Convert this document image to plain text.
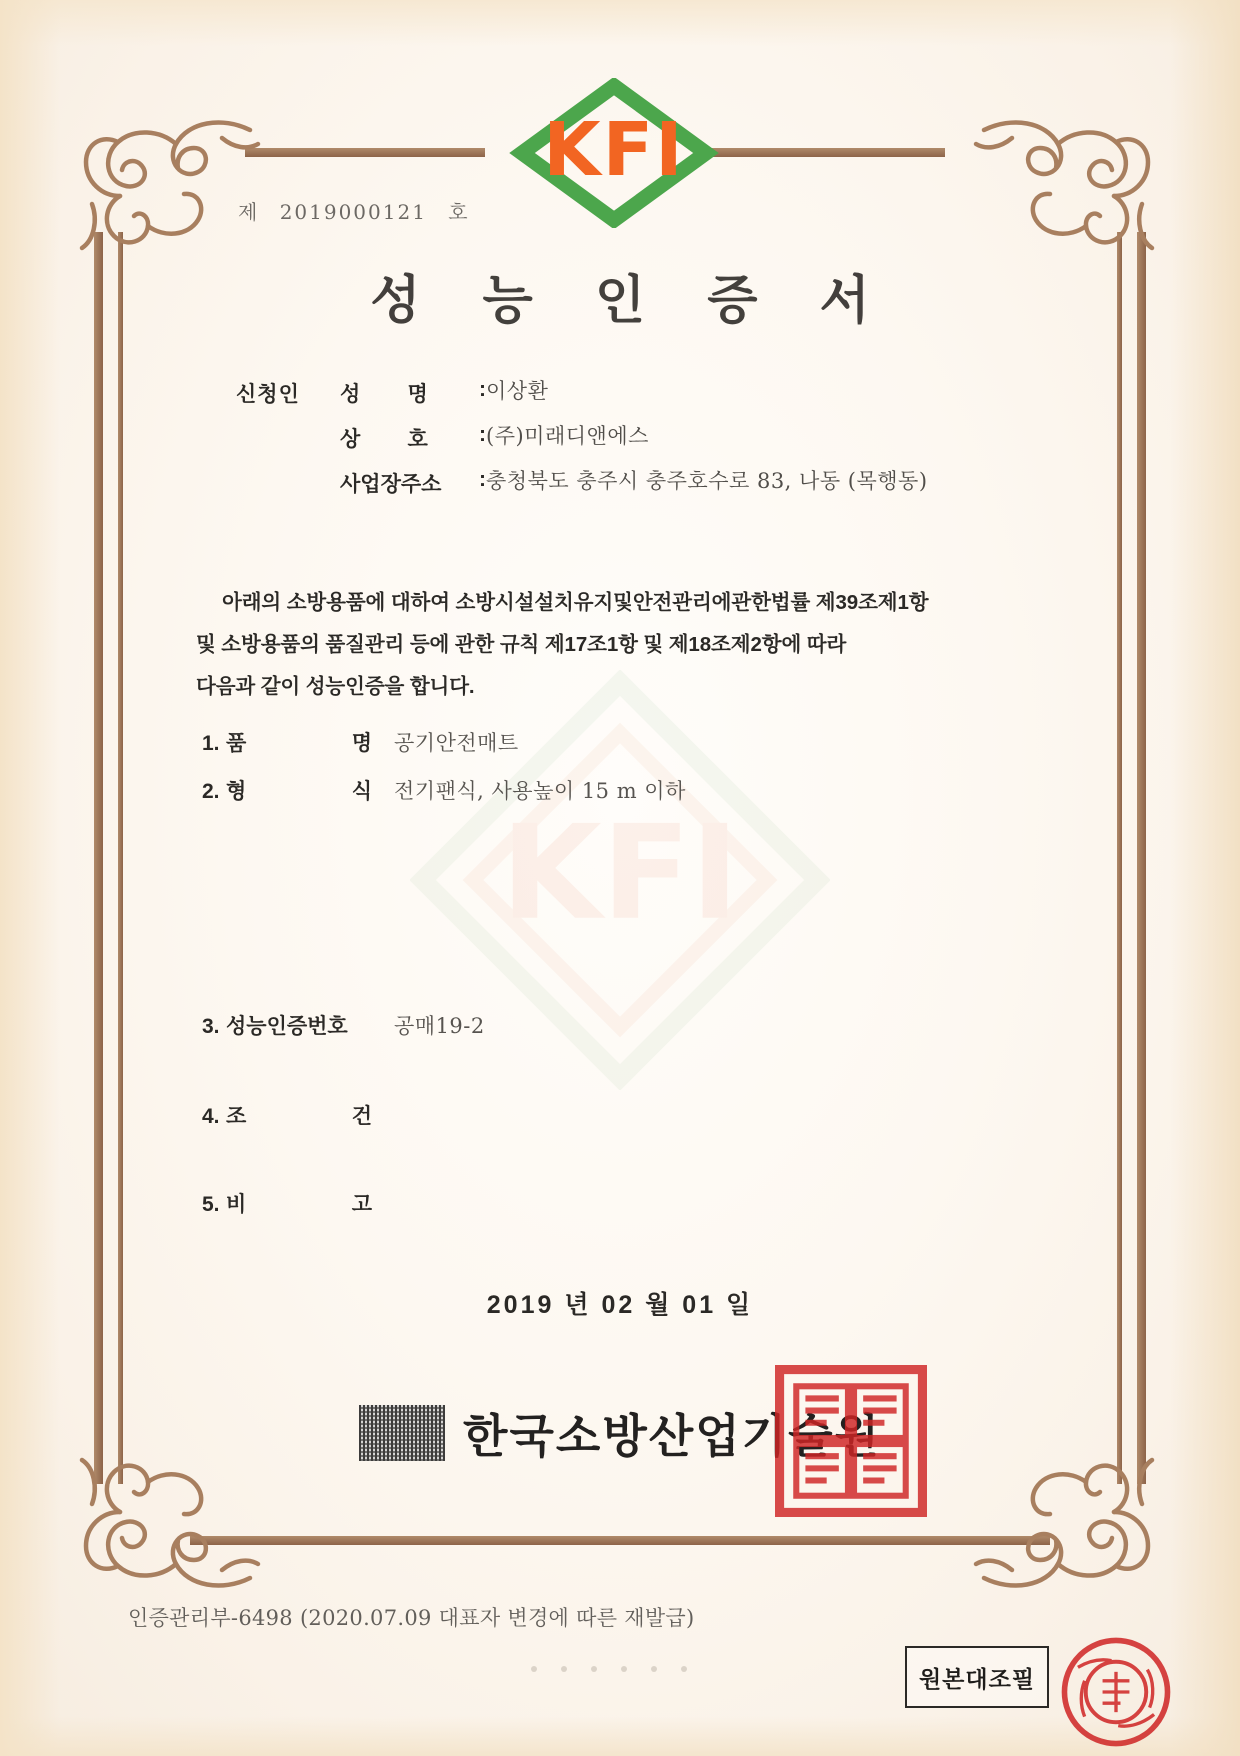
KFI
KFI
제 2019000121 호
성 능 인 증 서
신청인	성 명 : 이상환
상 호 : (주)미래디앤에스
사업장주소 : 충청북도 충주시 충주호수로 83, 나동 (목행동)
아래의 소방용품에 대하여 소방시설설치유지및안전관리에관한법률 제39조제1항
및 소방용품의 품질관리 등에 관한 규칙 제17조1항 및 제18조제2항에 따라
다음과 같이 성능인증을 합니다.
1. 품	명 공기안전매트
2. 형	식 전기팬식, 사용높이 15 m 이하
3. 성능인증번호	공매19-2
4. 조	건
5. 비	고
2019 년 02 월 01 일
한국소방산업기술원
인증관리부-6498 (2020.07.09 대표자 변경에 따른 재발급)
원본대조필
